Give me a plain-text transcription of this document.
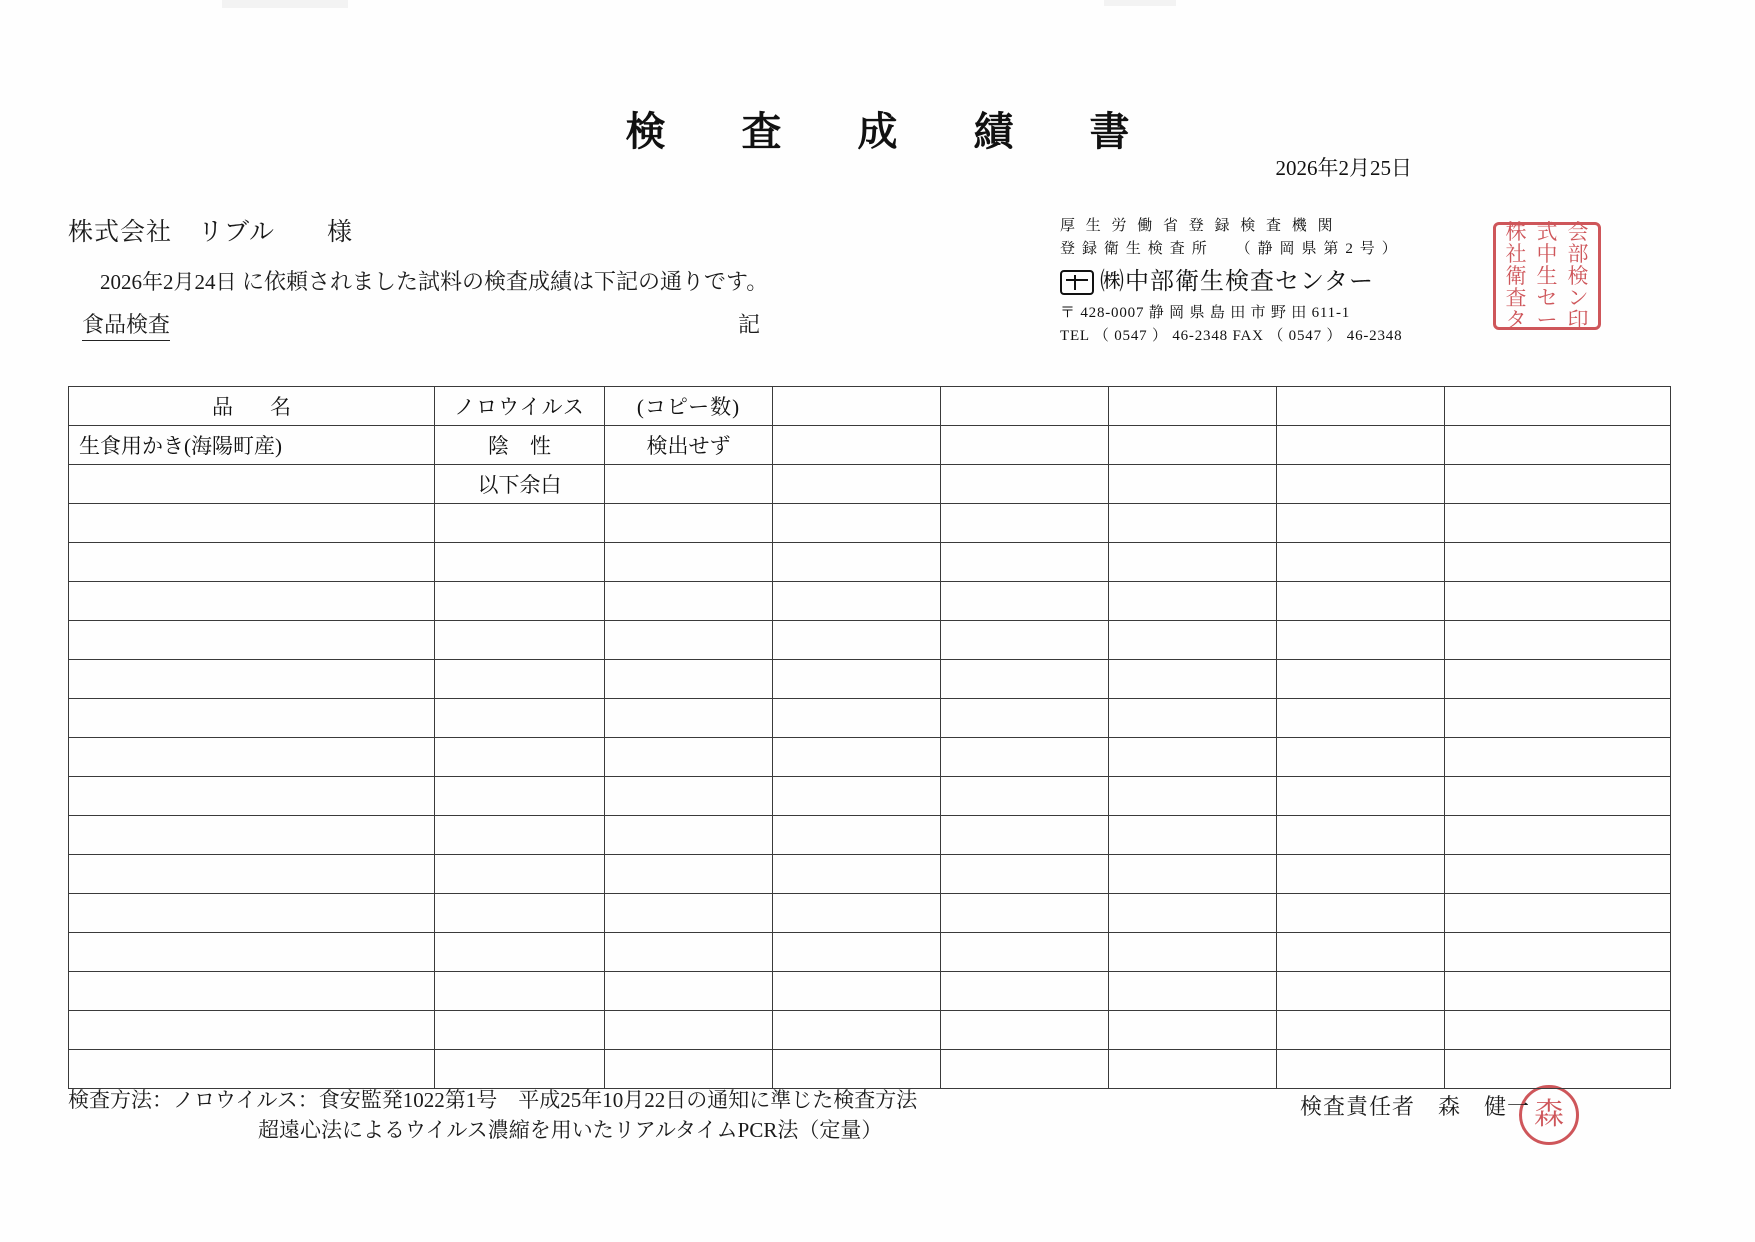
検　査　成　績　書
2026年2月25日
株式会社　リブル　　様
2026年2月24日 に依頼されました試料の検査成績は下記の通りです。
食品検査	記
厚 生 労 働 省 登 録 検 査 機 関
登 録 衛 生 検 査 所 　 （ 静 岡 県 第 2 号 ）
㈱中部衛生検査センター
〒 428-0007 静 岡 県 島 田 市 野 田 611-1
TEL （ 0547 ） 46-2348 FAX （ 0547 ） 46-2348
株 式 会
社 中 部
衛 生 検
査 セ ン
タ ー 印
森
品　名	ノロウイルス	(コピー数)					
生食用かき(海陽町産)	陰　性	検出せず					
	以下余白						

検査方法：ノロウイルス：食安監発1022第1号　平成25年10月22日の通知に準じた検査方法
超遠心法によるウイルス濃縮を用いたリアルタイムPCR法（定量）
検査責任者　森　健一
